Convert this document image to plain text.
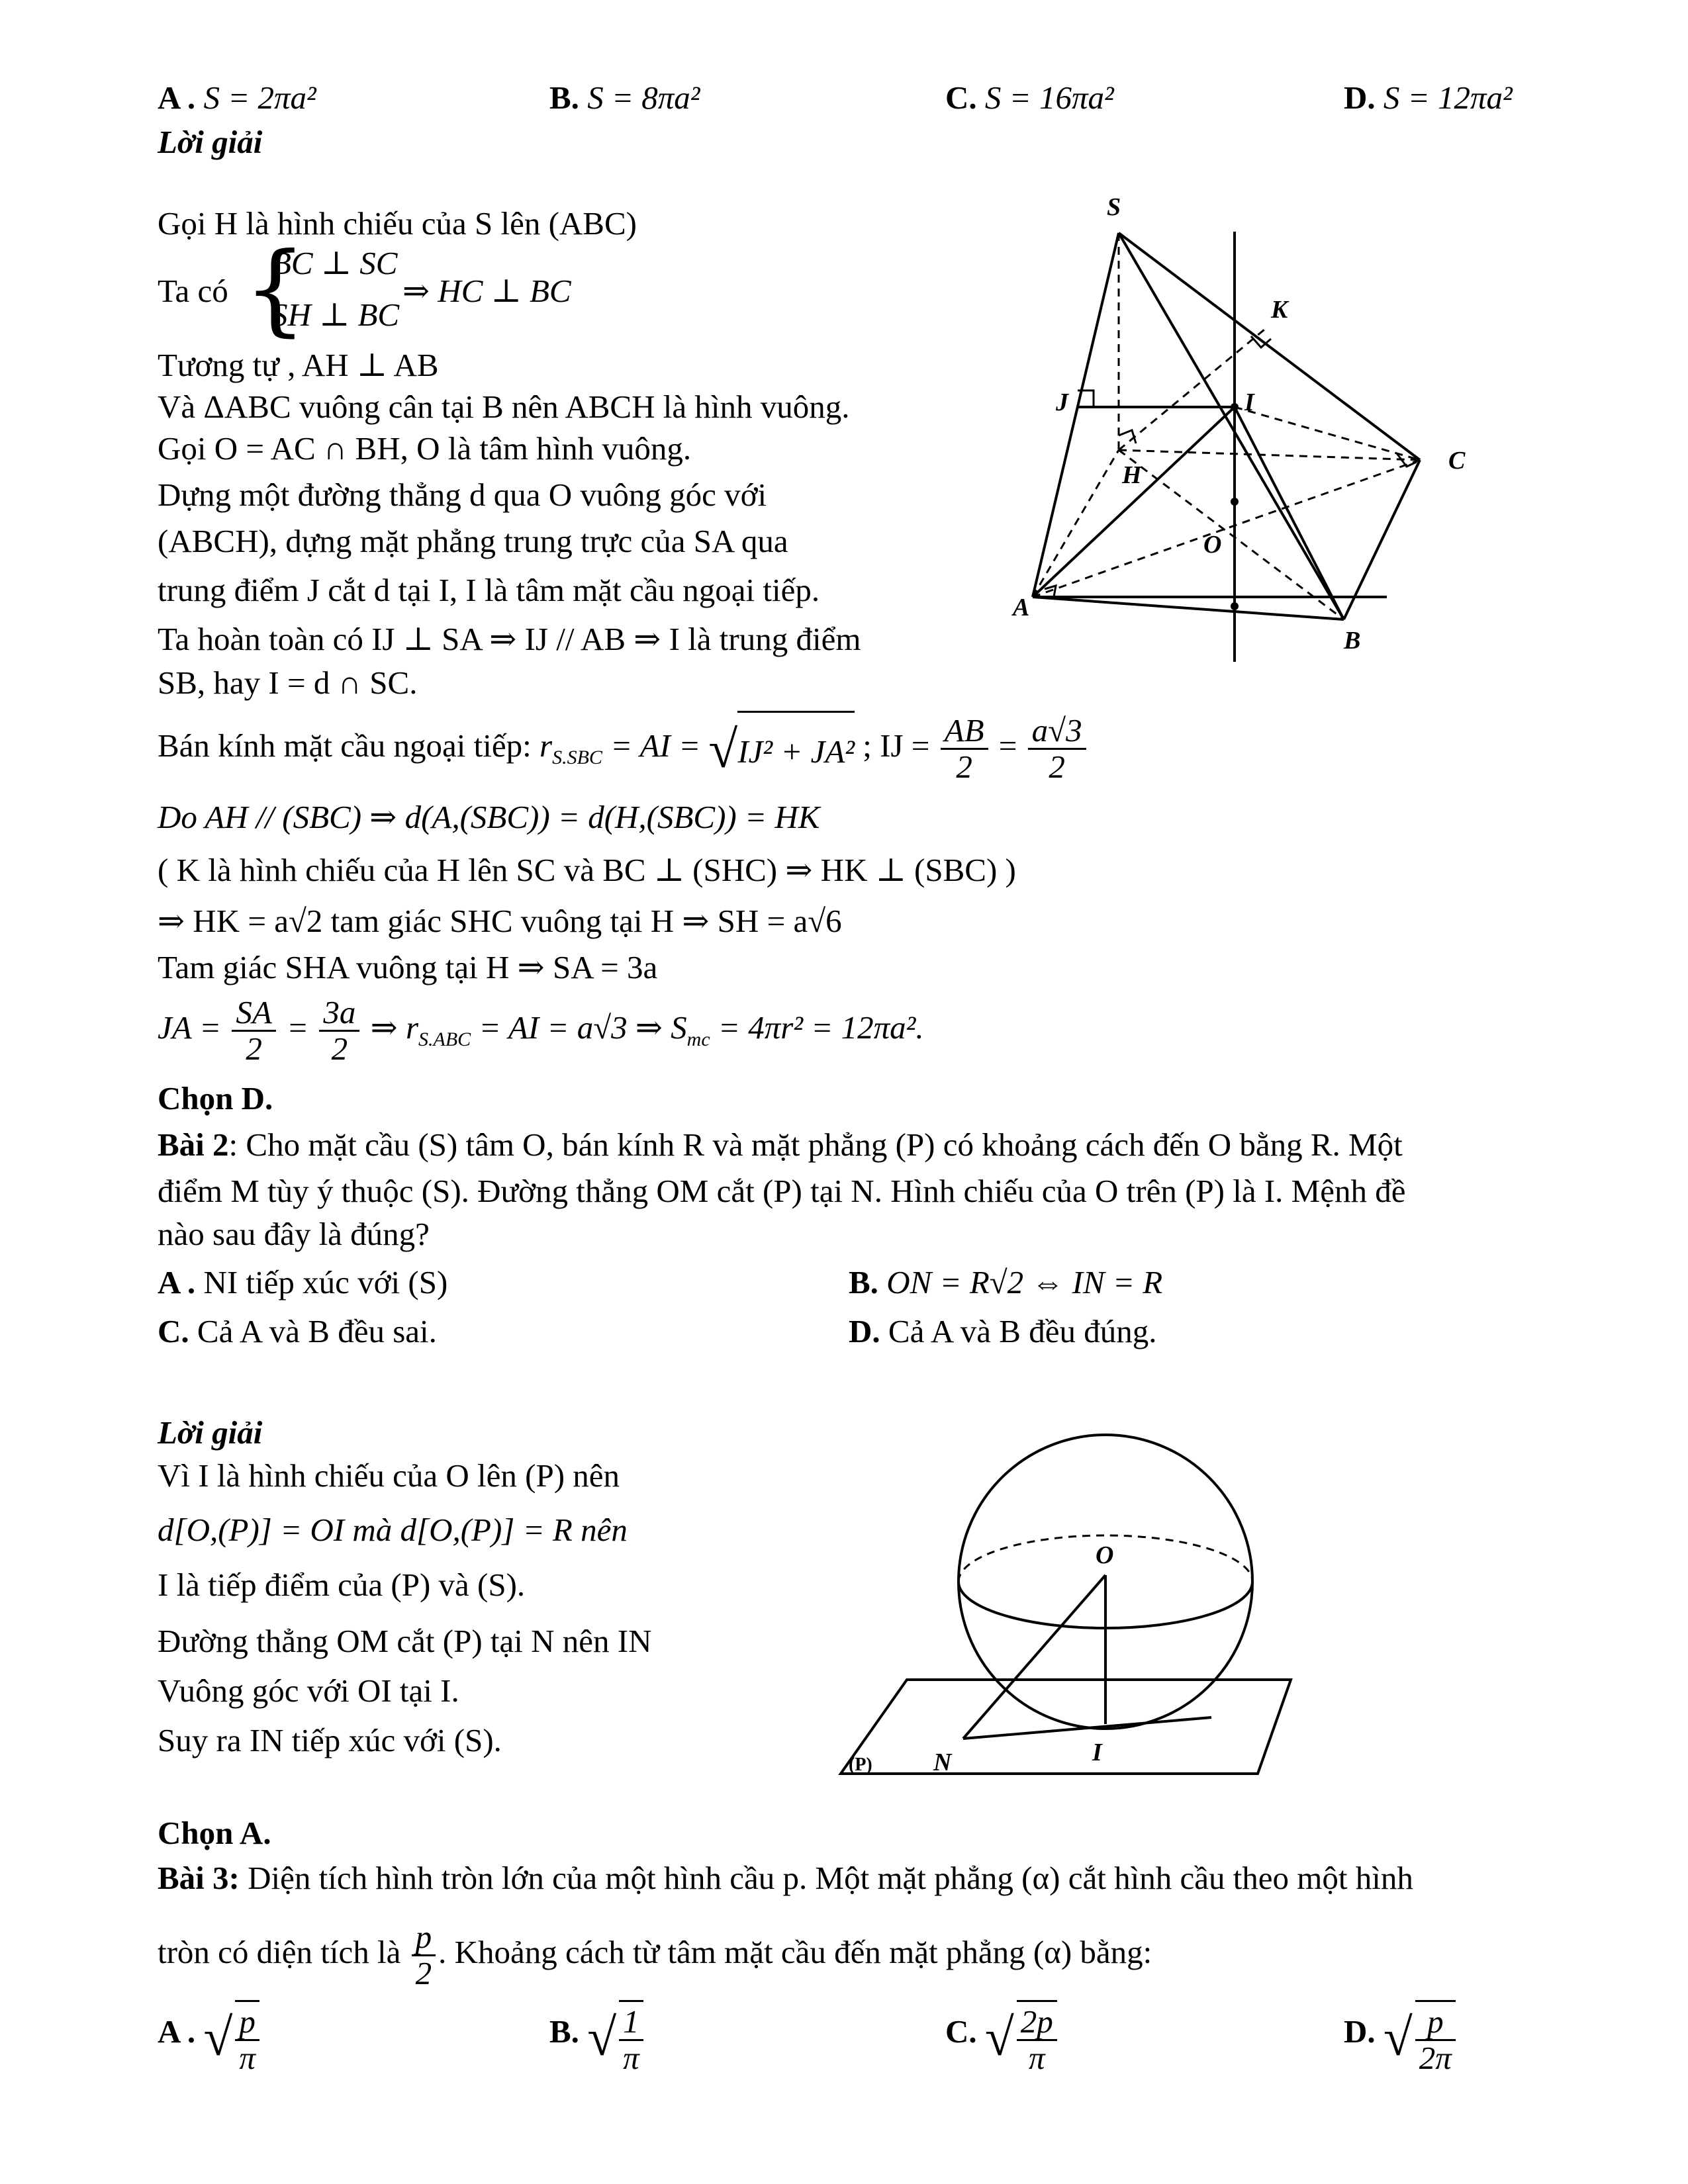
A . S = 2πa²	B. S = 8πa²	C. S = 16πa²	D. S = 12πa²
Lời giải
Gọi H là hình chiếu của S lên (ABC)
Ta có {
BC ⊥ SC
SH ⊥ BC
⇒ HC ⊥ BC
Tương tự , AH ⊥ AB
Và ΔABC vuông cân tại B nên ABCH là hình vuông.
Gọi O = AC ∩ BH, O là tâm hình vuông.
Dựng một đường thẳng d qua O vuông góc với
(ABCH), dựng mặt phẳng trung trực của SA qua
trung điểm J cắt d tại I, I là tâm mặt cầu ngoại tiếp.
Ta hoàn toàn có IJ ⊥ SA ⇒ IJ // AB ⇒ I là trung điểm
SB, hay I = d ∩ SC.
Bán kính mặt cầu ngoại tiếp: $r_{S.SBC}$ = AI = √IJ² + JA² ; IJ = $\frac{AB}{2} = \frac{a√3}{2}$
Do AH // (SBC) ⇒ d(A,(SBC)) = d(H,(SBC)) = HK
( K là hình chiếu của H lên SC và BC ⊥ (SHC) ⇒ HK ⊥ (SBC) )
⇒ HK = a√2 tam giác SHC vuông tại H ⇒ SH = a√6
Tam giác SHA vuông tại H ⇒ SA = 3a
JA = $\frac{SA}{2} = \frac{3a}{2}$ ⇒ $r_{S.ABC}$ = AI = a√3 ⇒ $S_{mc} = 4\pi r^2 = 12\pi a^2$.
Chọn D.
S
K
J	I
C
H
O
A
B
Bài 2: Cho mặt cầu (S) tâm O, bán kính R và mặt phẳng (P) có khoảng cách đến O bằng R. Một
điểm M tùy ý thuộc (S). Đường thẳng OM cắt (P) tại N. Hình chiếu của O trên (P) là I. Mệnh đề
nào sau đây là đúng?
A . NI tiếp xúc với (S)	B. ON = R√2 ⇔ IN = R
C. Cả A và B đều sai.	D. Cả A và B đều đúng.
Lời giải
Vì I là hình chiếu của O lên (P) nên
d[O,(P)] = OI mà d[O,(P)] = R nên
I là tiếp điểm của (P) và (S).
Đường thẳng OM cắt (P) tại N nên IN
Vuông góc với OI tại I.
Suy ra IN tiếp xúc với (S).
Chọn A.
O
N	I
(P)
Bài 3: Diện tích hình tròn lớn của một hình cầu p. Một mặt phẳng (α) cắt hình cầu theo một hình
tròn có diện tích là $\frac{p}{2}$ . Khoảng cách từ tâm mặt cầu đến mặt phẳng (α) bằng:
A . √ $\frac{p}{\pi}$	B. √ $\frac{1}{\pi}$	C. √ $\frac{2p}{\pi}$	D. √ $\frac{p}{2\pi}$
